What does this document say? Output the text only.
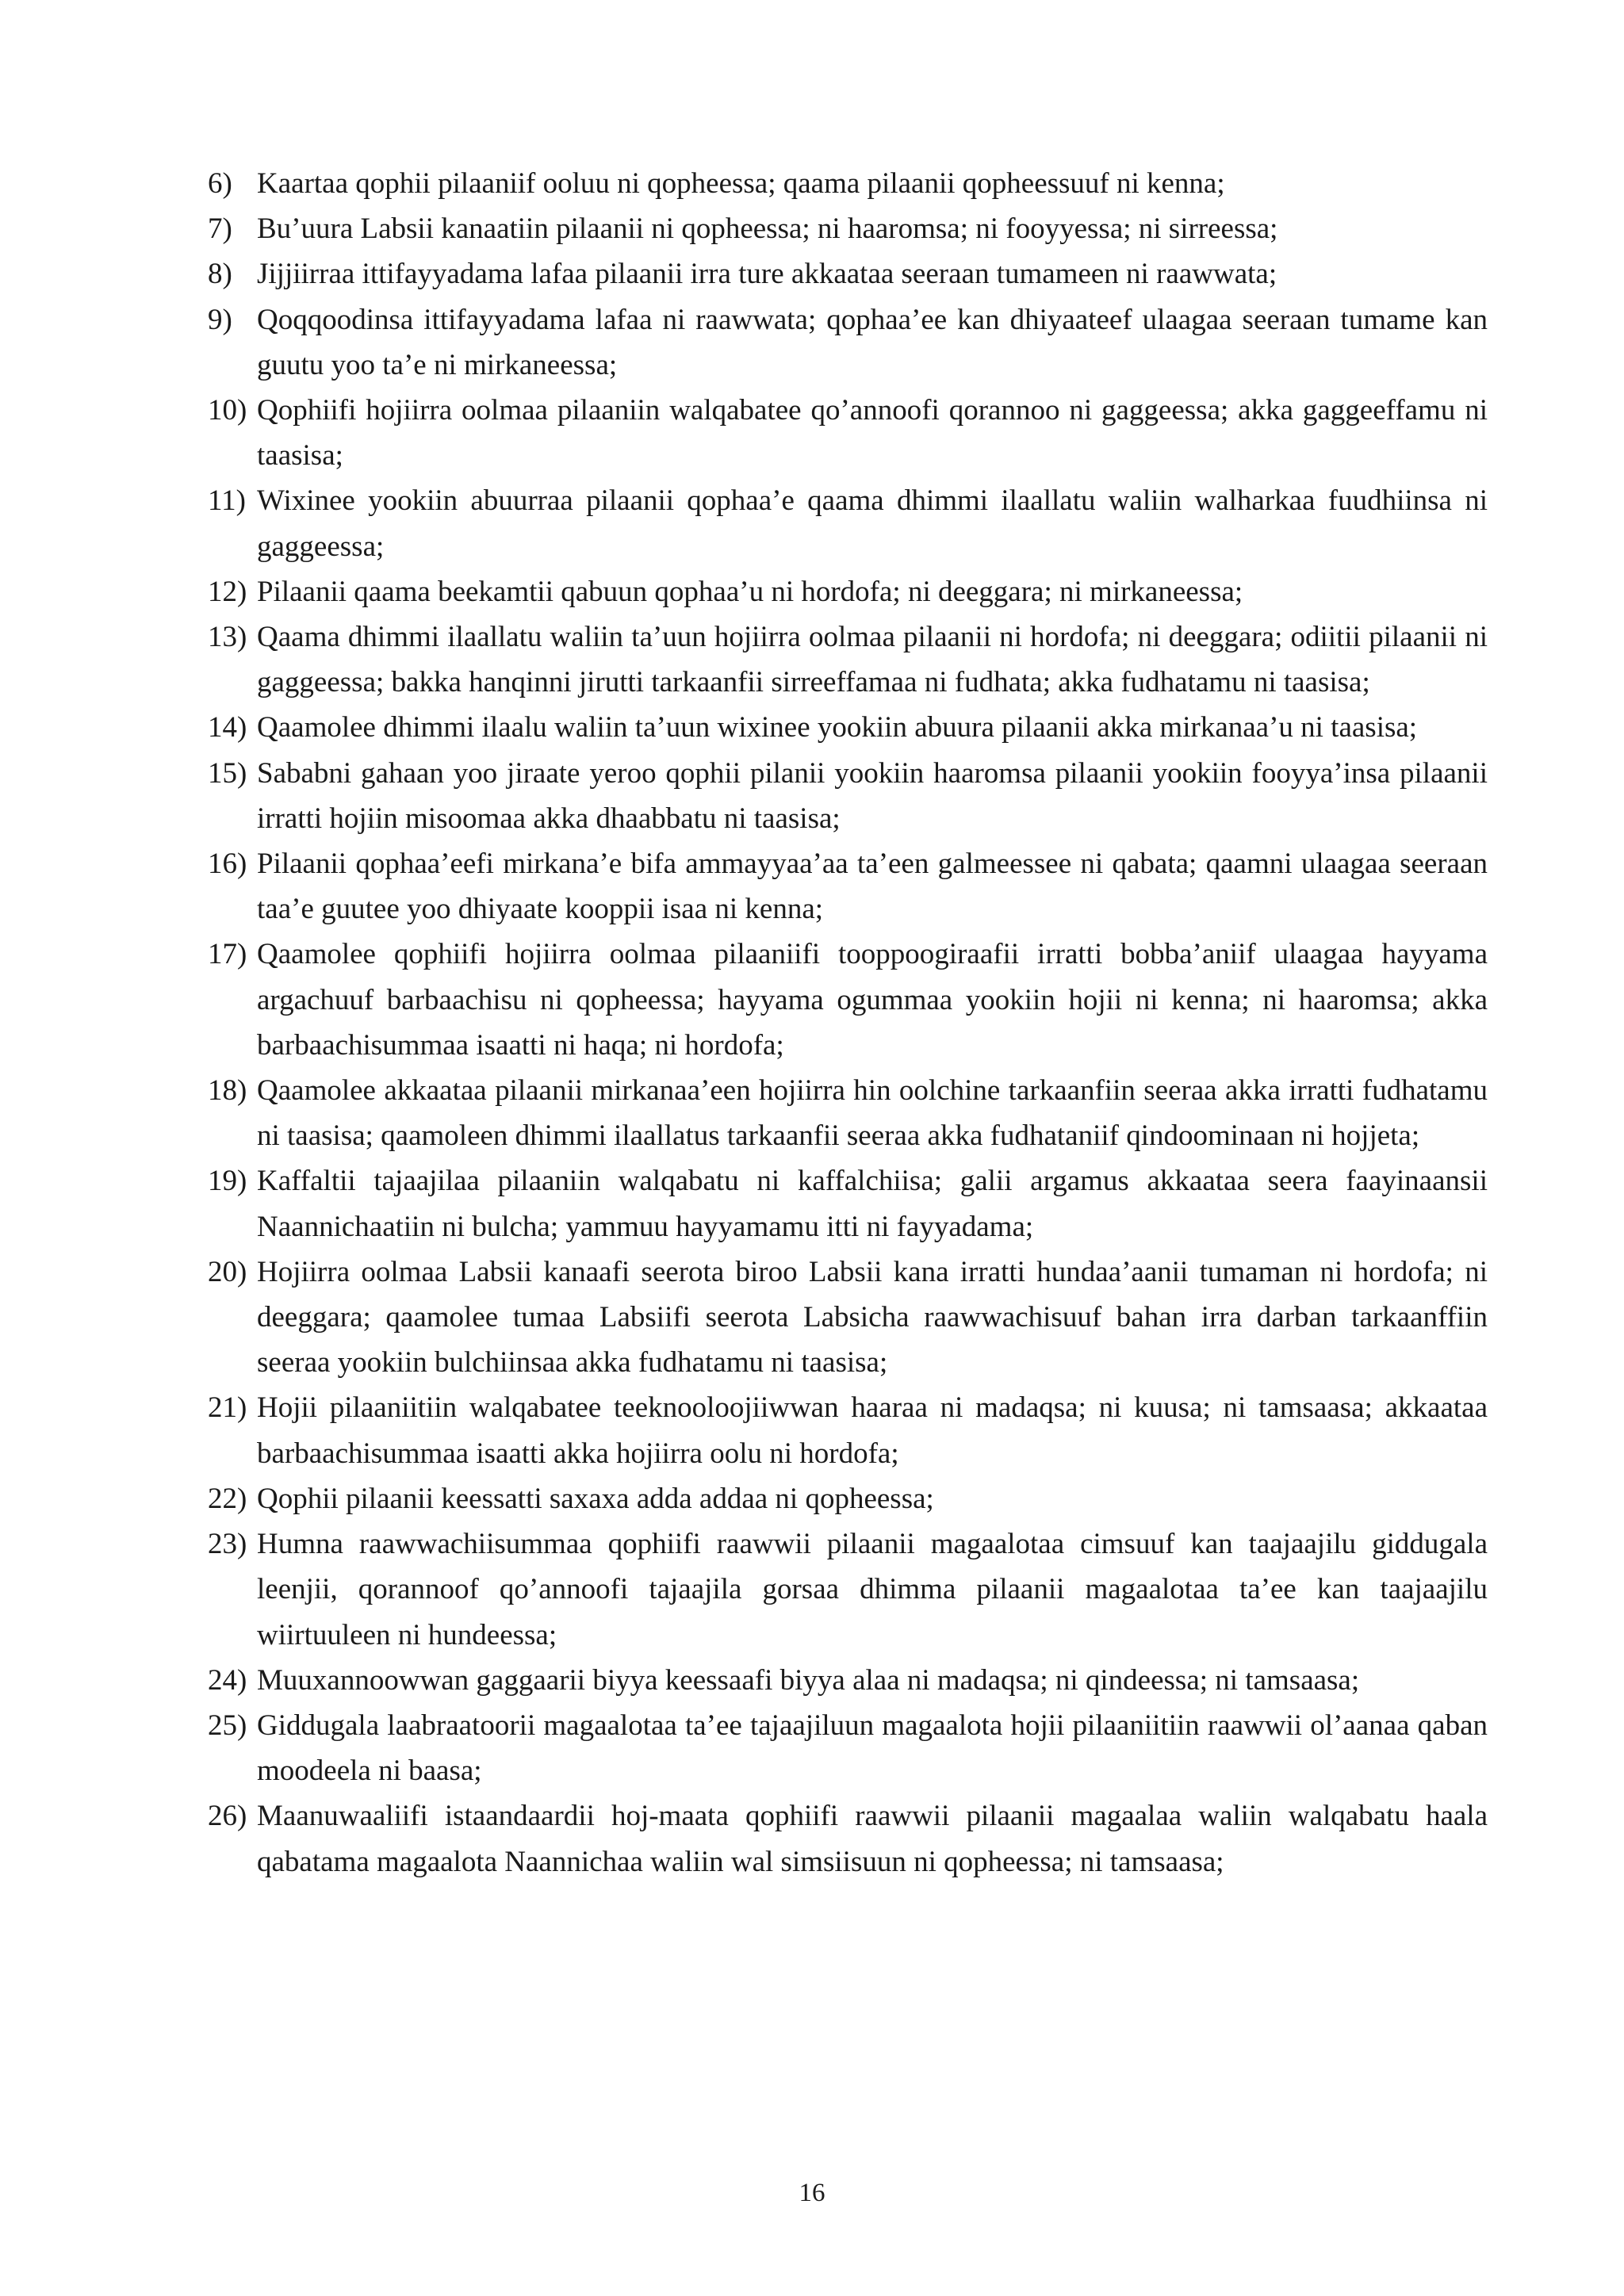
6) Kaartaa qophii pilaaniif ooluu ni qopheessa; qaama pilaanii qopheessuuf ni kenna;
7) Bu’uura Labsii kanaatiin pilaanii ni qopheessa; ni haaromsa; ni fooyyessa; ni sirreessa;
8) Jijjiirraa ittifayyadama lafaa pilaanii irra ture akkaataa seeraan tumameen ni raawwata;
9) Qoqqoodinsa ittifayyadama lafaa ni raawwata; qophaa’ee kan dhiyaateef ulaagaa seeraan tumame kan guutu yoo ta’e ni mirkaneessa;
10) Qophiifi hojiirra oolmaa pilaaniin walqabatee qo’annoofi qorannoo ni gaggeessa; akka gaggeeffamu ni taasisa;
11) Wixinee yookiin abuurraa pilaanii qophaa’e qaama dhimmi ilaallatu waliin walharkaa fuudhiinsa ni gaggeessa;
12) Pilaanii qaama beekamtii qabuun qophaa’u ni hordofa; ni deeggara; ni mirkaneessa;
13) Qaama dhimmi ilaallatu waliin ta’uun hojiirra oolmaa pilaanii ni hordofa; ni deeggara; odiitii pilaanii ni gaggeessa; bakka hanqinni jirutti tarkaanfii sirreeffamaa ni fudhata; akka fudhatamu ni taasisa;
14) Qaamolee dhimmi ilaalu waliin ta’uun wixinee yookiin abuura pilaanii akka mirkanaa’u ni taasisa;
15) Sababni gahaan yoo jiraate yeroo qophii pilanii yookiin haaromsa pilaanii yookiin fooyya’insa pilaanii irratti hojiin misoomaa akka dhaabbatu ni taasisa;
16) Pilaanii qophaa’eefi mirkana’e bifa ammayyaa’aa ta’een galmeessee ni qabata; qaamni ulaagaa seeraan taa’e guutee yoo dhiyaate kooppii isaa ni kenna;
17) Qaamolee qophiifi hojiirra oolmaa pilaaniifi tooppoogiraafii irratti bobba’aniif ulaagaa hayyama argachuuf barbaachisu ni qopheessa; hayyama ogummaa yookiin hojii ni kenna; ni haaromsa; akka barbaachisummaa isaatti ni haqa; ni hordofa;
18) Qaamolee akkaataa pilaanii mirkanaa’een hojiirra hin oolchine tarkaanfiin seeraa akka irratti fudhatamu ni taasisa; qaamoleen dhimmi ilaallatus tarkaanfii seeraa akka fudhataniif qindoominaan ni hojjeta;
19) Kaffaltii tajaajilaa pilaaniin walqabatu ni kaffalchiisa; galii argamus akkaataa seera faayinaansii Naannichaatiin ni bulcha; yammuu hayyamamu itti ni fayyadama;
20) Hojiirra oolmaa Labsii kanaafi seerota biroo Labsii kana irratti hundaa’aanii tumaman ni hordofa; ni deeggara; qaamolee tumaa Labsiifi seerota Labsicha raawwachisuuf bahan irra darban tarkaanffiin seeraa yookiin bulchiinsaa akka fudhatamu ni taasisa;
21) Hojii pilaaniitiin walqabatee teeknooloojiiwwan haaraa ni madaqsa; ni kuusa; ni tamsaasa; akkaataa barbaachisummaa isaatti akka hojiirra oolu ni hordofa;
22) Qophii pilaanii keessatti saxaxa adda addaa ni qopheessa;
23) Humna raawwachiisummaa qophiifi raawwii pilaanii magaalotaa cimsuuf kan taajaajilu giddugala leenjii, qorannoof qo’annoofi tajaajila gorsaa dhimma pilaanii magaalotaa ta’ee kan taajaajilu wiirtuuleen ni hundeessa;
24) Muuxannoowwan gaggaarii biyya keessaafi biyya alaa ni madaqsa; ni qindeessa; ni tamsaasa;
25) Giddugala laabraatoorii magaalotaa ta’ee tajaajiluun magaalota hojii pilaaniitiin raawwii ol’aanaa qaban moodeela ni baasa;
26) Maanuwaaliifi istaandaardii hoj-maata qophiifi raawwii pilaanii magaalaa waliin walqabatu haala qabatama magaalota Naannichaa waliin wal simsiisuun ni qopheessa; ni tamsaasa;
16
